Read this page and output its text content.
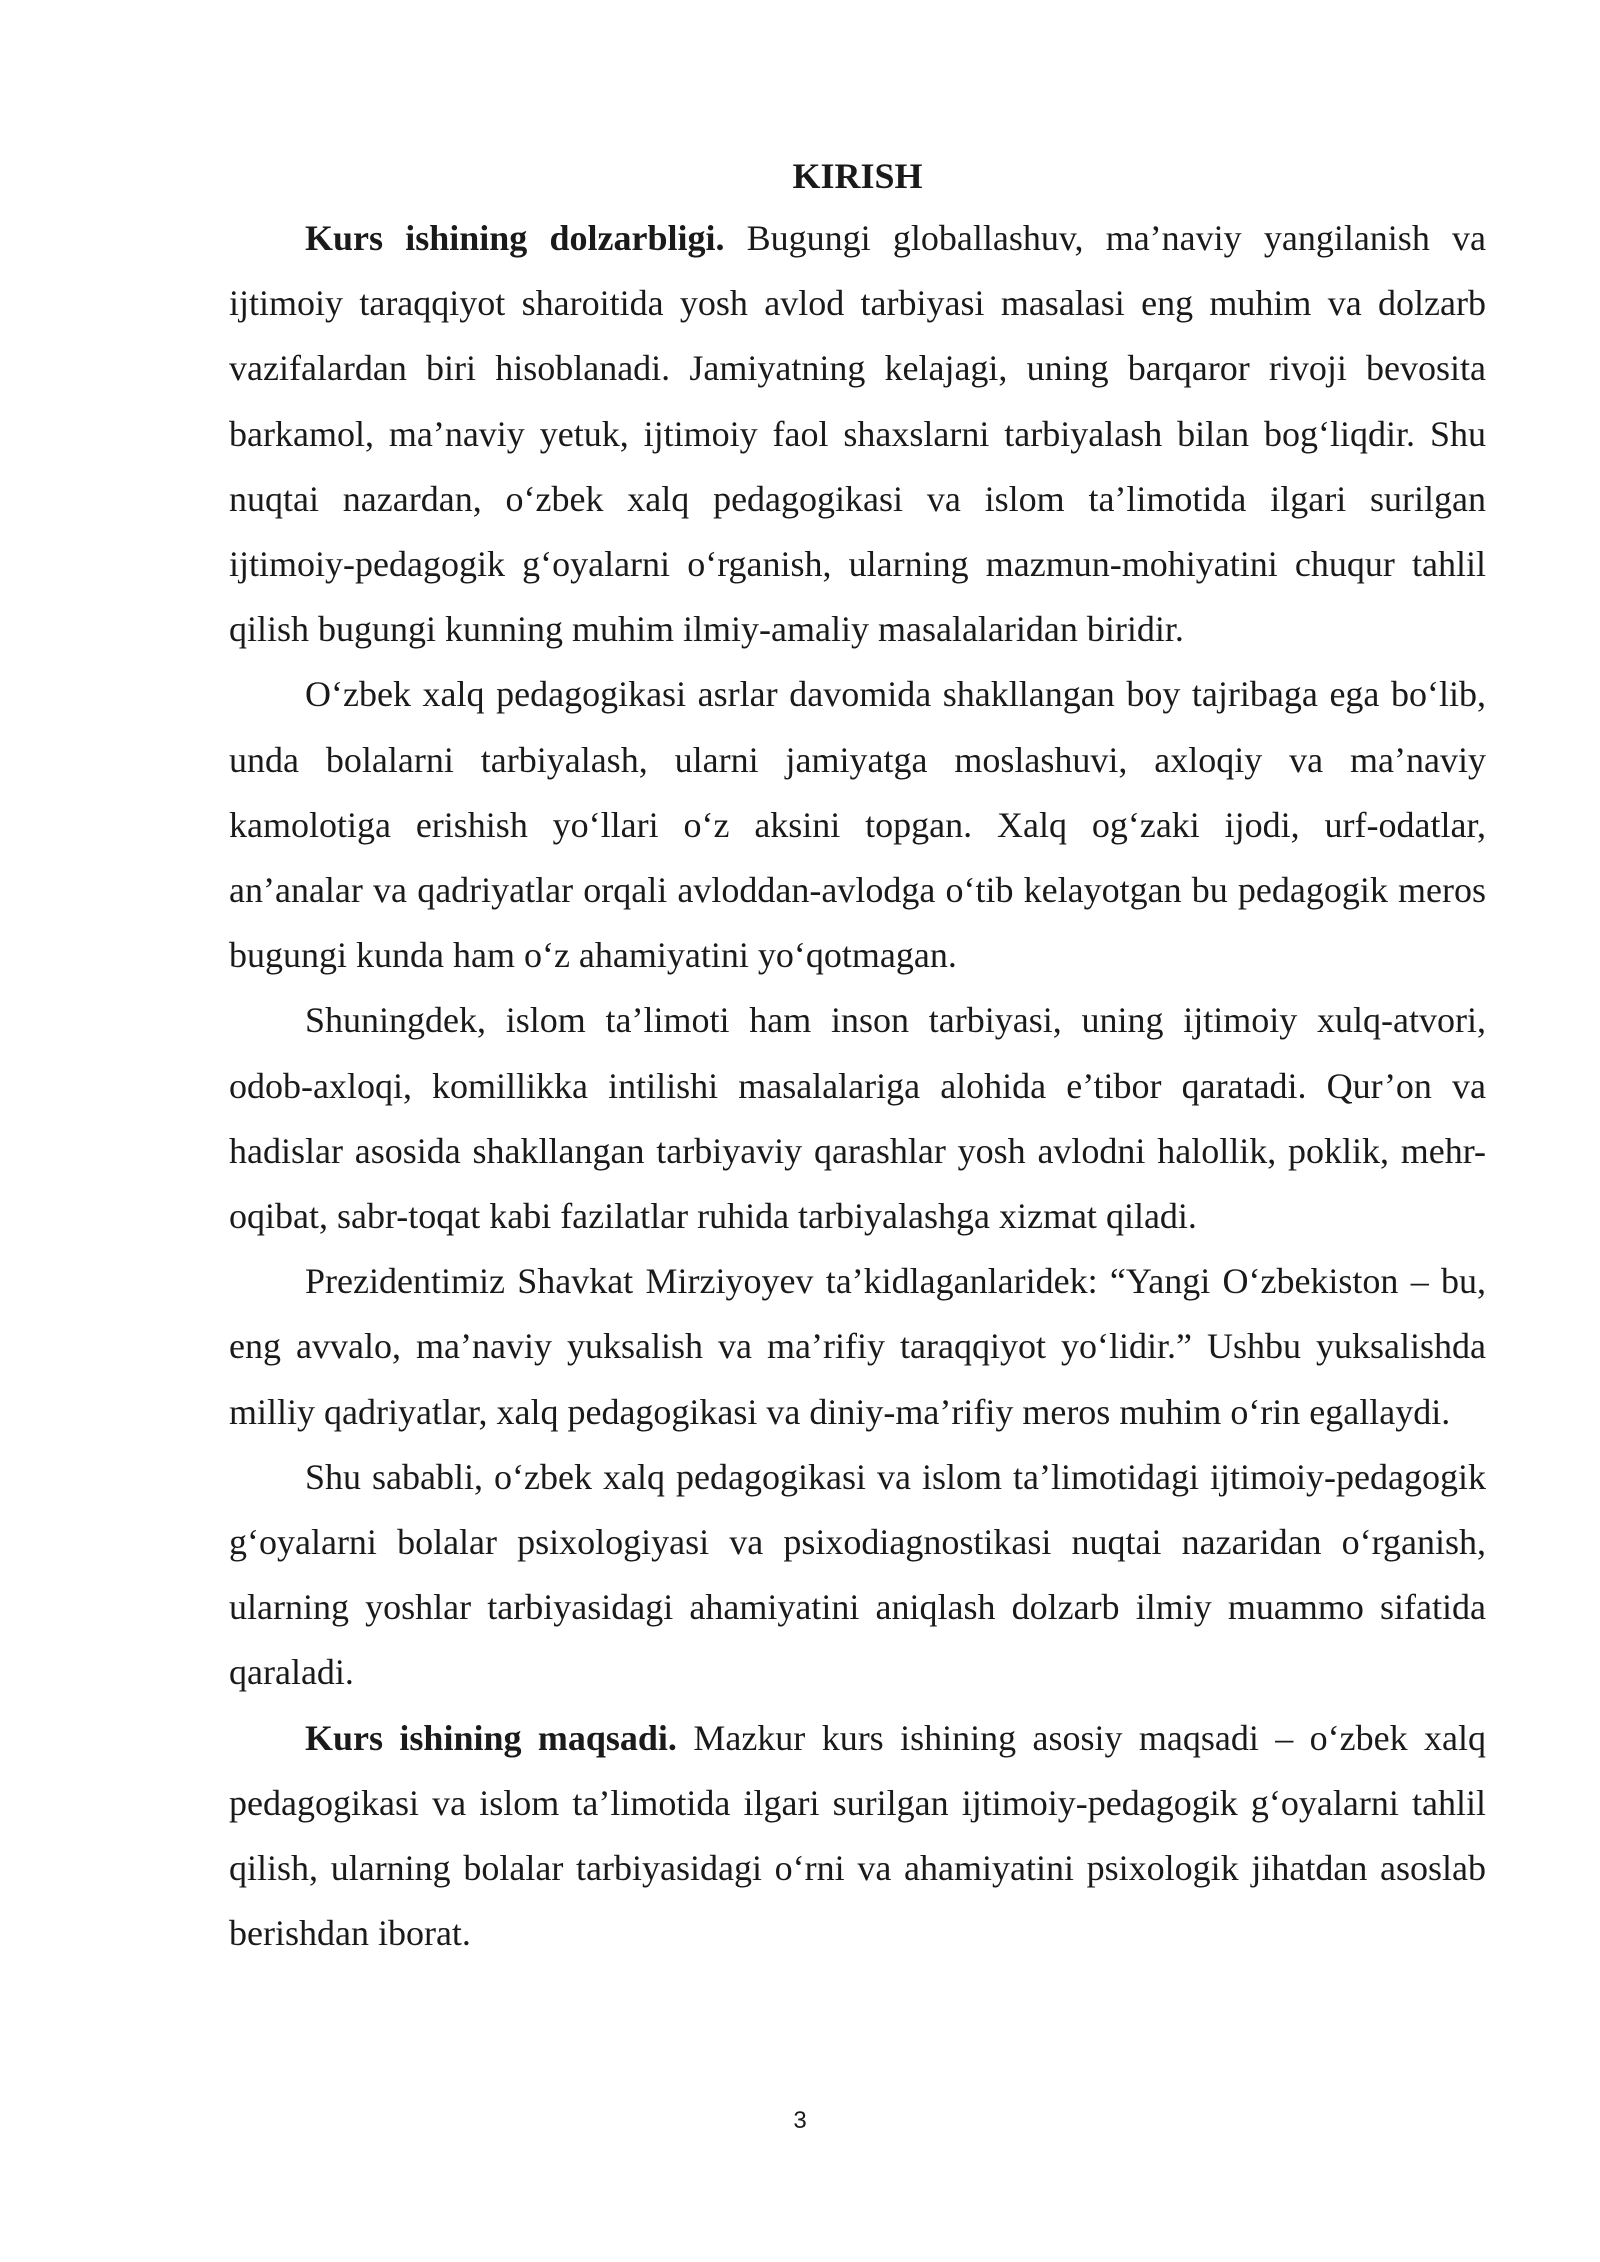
KIRISH

Kurs ishining dolzarbligi. Bugungi globallashuv, ma’naviy yangilanish va ijtimoiy taraqqiyot sharoitida yosh avlod tarbiyasi masalasi eng muhim va dolzarb vazifalardan biri hisoblanadi. Jamiyatning kelajagi, uning barqaror rivoji bevosita barkamol, ma’naviy yetuk, ijtimoiy faol shaxslarni tarbiyalash bilan bog‘liqdir. Shu nuqtai nazardan, o‘zbek xalq pedagogikasi va islom ta’limotida ilgari surilgan ijtimoiy-pedagogik g‘oyalarni o‘rganish, ularning mazmun-mohiyatini chuqur tahlil qilish bugungi kunning muhim ilmiy-amaliy masalalaridan biridir.

O‘zbek xalq pedagogikasi asrlar davomida shakllangan boy tajribaga ega bo‘lib, unda bolalarni tarbiyalash, ularni jamiyatga moslashuvi, axloqiy va ma’naviy kamolotiga erishish yo‘llari o‘z aksini topgan. Xalq og‘zaki ijodi, urf-odatlar, an’analar va qadriyatlar orqali avloddan-avlodga o‘tib kelayotgan bu pedagogik meros bugungi kunda ham o‘z ahamiyatini yo‘qotmagan.

Shuningdek, islom ta’limoti ham inson tarbiyasi, uning ijtimoiy xulq-atvori, odob-axloqi, komillikka intilishi masalalariga alohida e’tibor qaratadi. Qur’on va hadislar asosida shakllangan tarbiyaviy qarashlar yosh avlodni halollik, poklik, mehr-oqibat, sabr-toqat kabi fazilatlar ruhida tarbiyalashga xizmat qiladi.

Prezidentimiz Shavkat Mirziyoyev ta’kidlaganlaridek: “Yangi O‘zbekiston – bu, eng avvalo, ma’naviy yuksalish va ma’rifiy taraqqiyot yo‘lidir.” Ushbu yuksalishda milliy qadriyatlar, xalq pedagogikasi va diniy-ma’rifiy meros muhim o‘rin egallaydi.

Shu sababli, o‘zbek xalq pedagogikasi va islom ta’limotidagi ijtimoiy-pedagogik g‘oyalarni bolalar psixologiyasi va psixodiagnostikasi nuqtai nazaridan o‘rganish, ularning yoshlar tarbiyasidagi ahamiyatini aniqlash dolzarb ilmiy muammo sifatida qaraladi.

Kurs ishining maqsadi. Mazkur kurs ishining asosiy maqsadi – o‘zbek xalq pedagogikasi va islom ta’limotida ilgari surilgan ijtimoiy-pedagogik g‘oyalarni tahlil qilish, ularning bolalar tarbiyasidagi o‘rni va ahamiyatini psixologik jihatdan asoslab berishdan iborat.

3
